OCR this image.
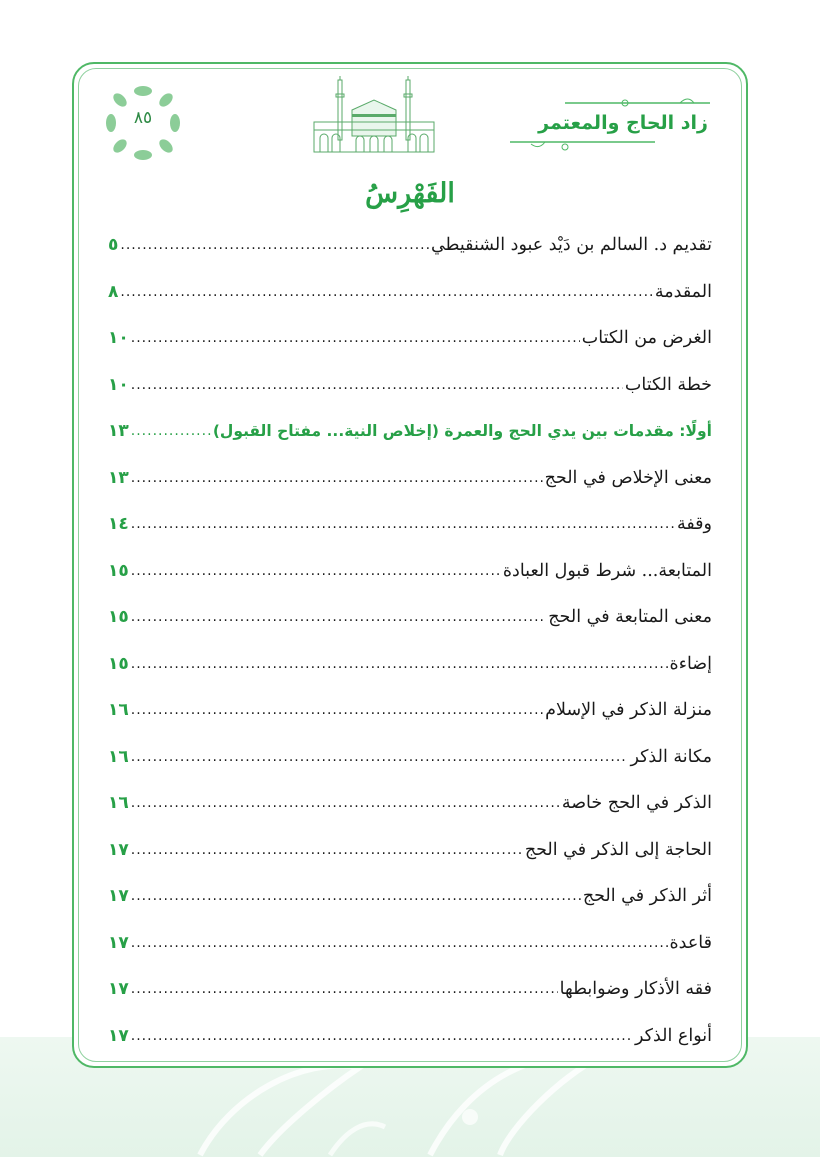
زاد الحاج والمعتمر
٨٥
الفَهْرِسُ
تقديم د. السالم بن دَيْد عبود الشنقيطي
.....
٥
المقدمة
.....
٨
الغرض من الكتاب
.....
١٠
خطة الكتاب
.....
١٠
أولًا: مقدمات بين يدي الحج والعمرة (إخلاص النية... مفتاح القبول)
.....
١٣
معنى الإخلاص في الحج
.....
١٣
وقفة
.....
١٤
المتابعة... شرط قبول العبادة
.....
١٥
معنى المتابعة في الحج
.....
١٥
إضاءة
.....
١٥
منزلة الذكر في الإسلام
.....
١٦
مكانة الذكر
.....
١٦
الذكر في الحج خاصة
.....
١٦
الحاجة إلى الذكر في الحج
.....
١٧
أثر الذكر في الحج
.....
١٧
قاعدة
.....
١٧
فقه الأذكار وضوابطها
.....
١٧
أنواع الذكر
.....
١٧
